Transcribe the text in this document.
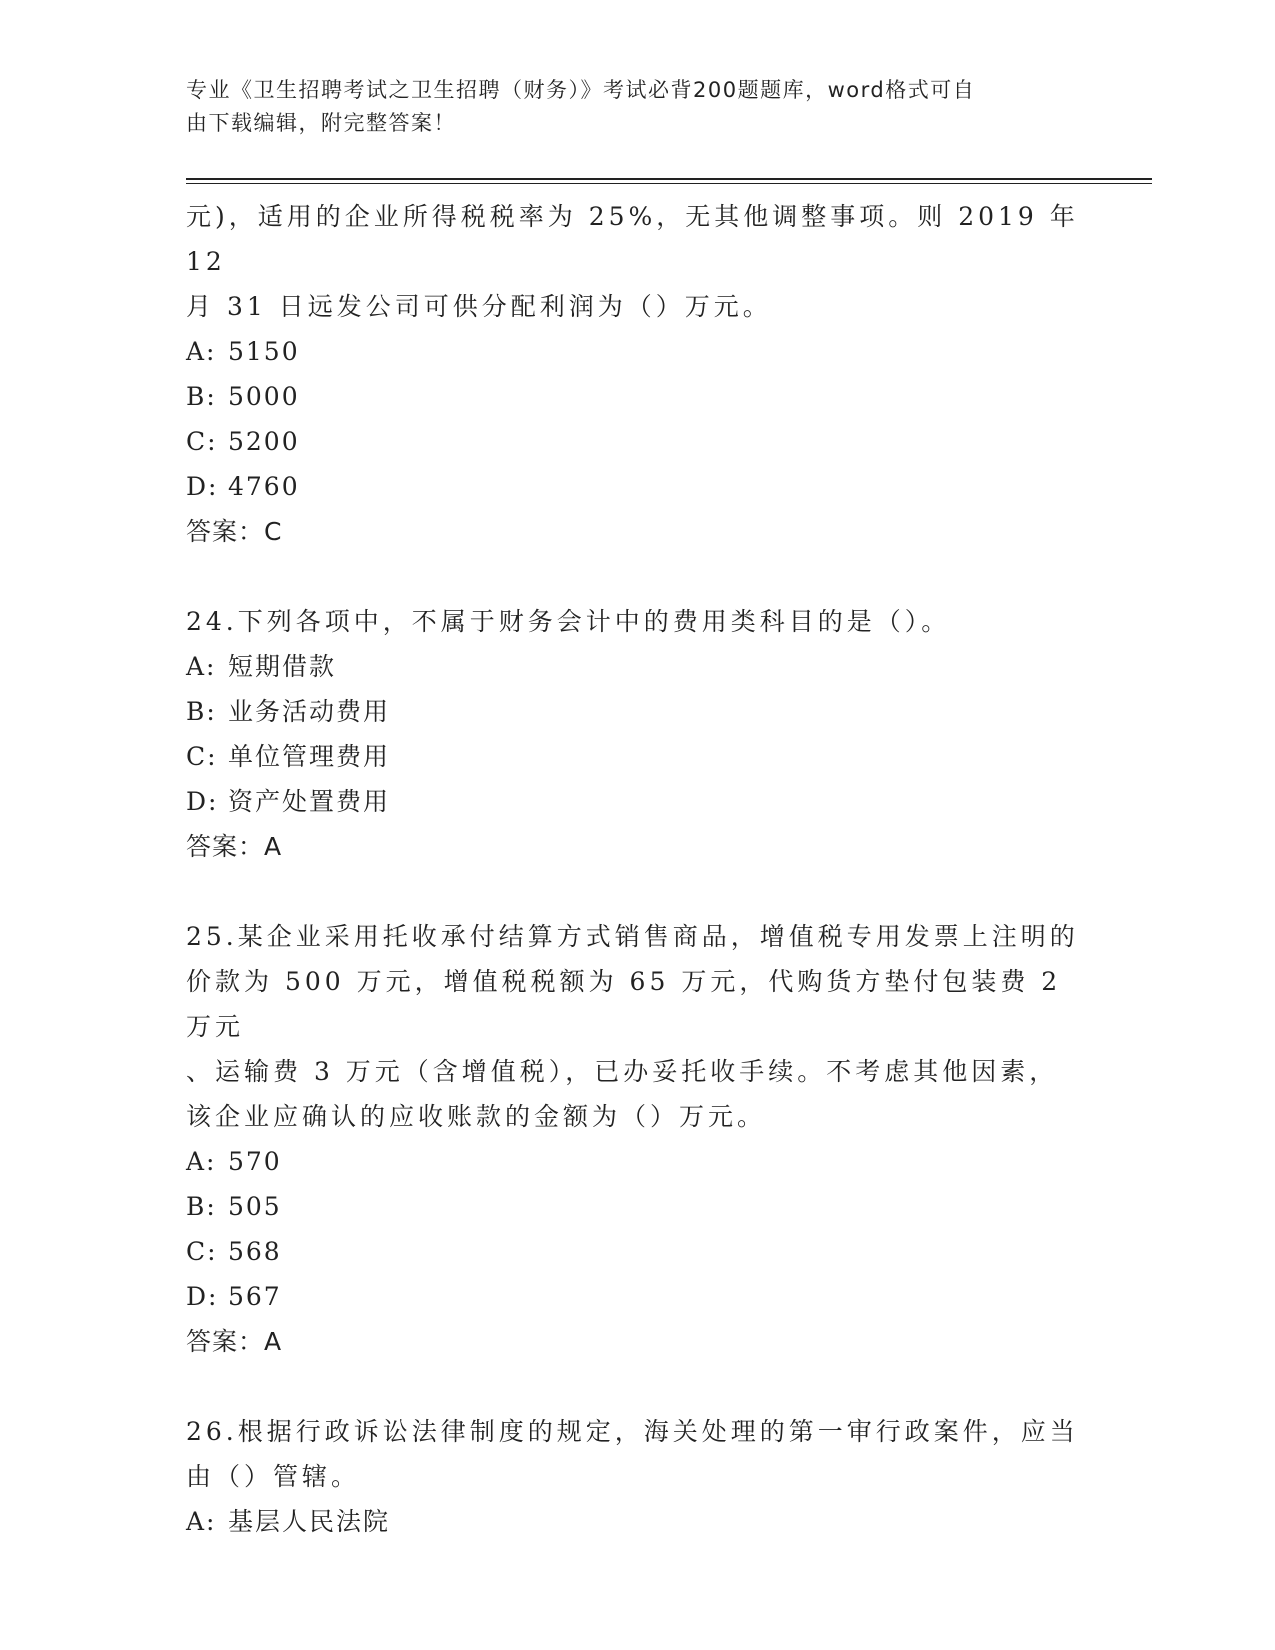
专业《卫生招聘考试之卫生招聘（财务）》考试必背200题题库，word格式可自
由下载编辑，附完整答案！

元)，适用的企业所得税税率为 25%，无其他调整事项。则 2019 年 12

月 31 日远发公司可供分配利润为（）万元。

A: 5150

B: 5000

C: 5200

D: 4760

答案：C

24.下列各项中，不属于财务会计中的费用类科目的是（）。

A: 短期借款

B: 业务活动费用

C: 单位管理费用

D: 资产处置费用

答案：A

25.某企业采用托收承付结算方式销售商品，增值税专用发票上注明的

价款为 500 万元，增值税税额为 65 万元，代购货方垫付包装费 2 万元

、运输费 3 万元（含增值税），已办妥托收手续。不考虑其他因素，

该企业应确认的应收账款的金额为（）万元。

A: 570

B: 505

C: 568

D: 567

答案：A

26.根据行政诉讼法律制度的规定，海关处理的第一审行政案件，应当

由（）管辖。

A: 基层人民法院
